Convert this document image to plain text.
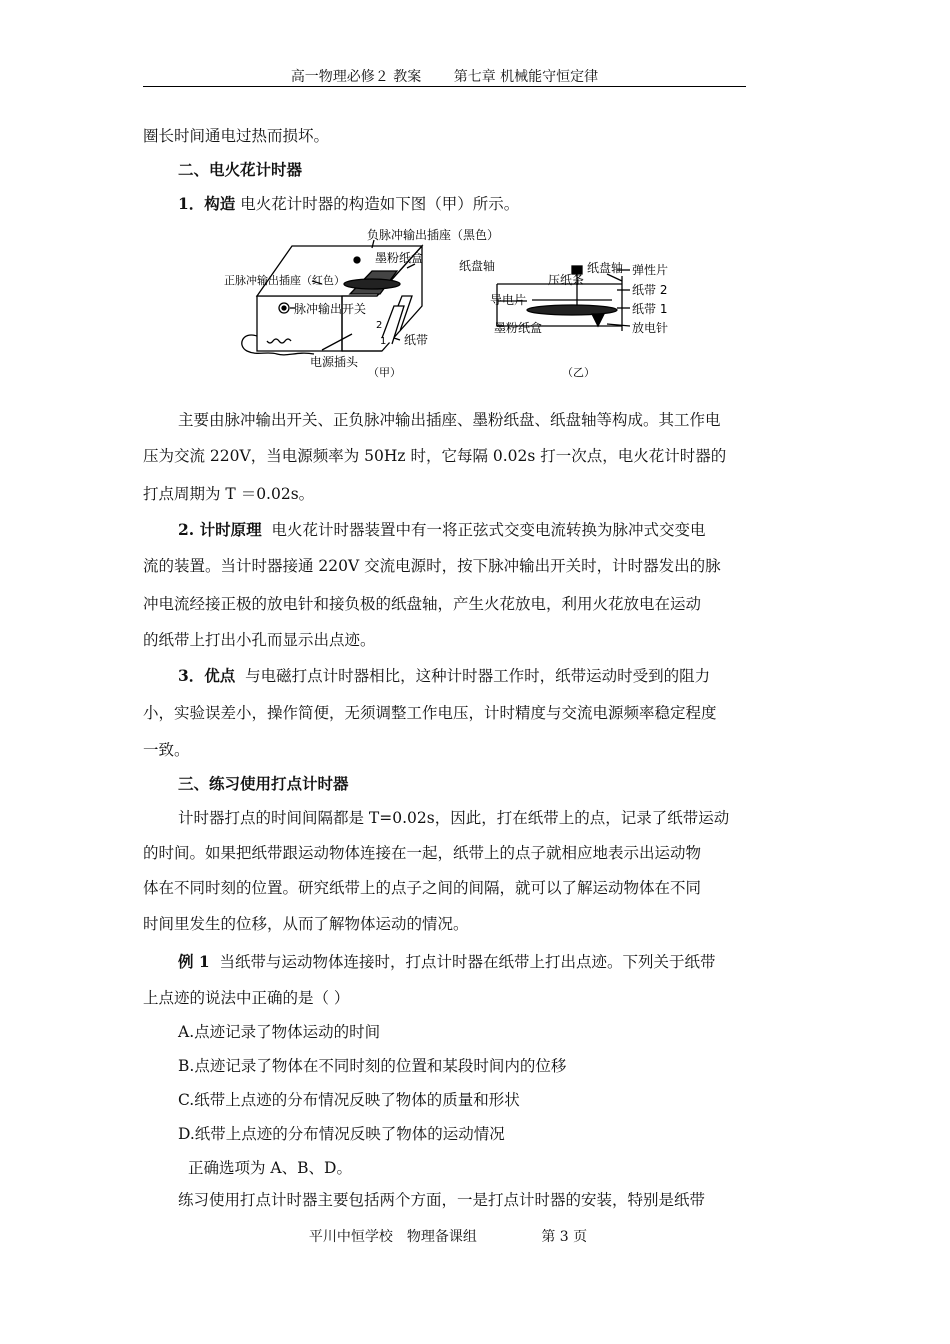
高一物理必修２ 教案 第七章 机械能守恒定律
圈长时间通电过热而损坏。
二、电火花计时器
1．构造 电火花计时器的构造如下图（甲）所示。
负脉冲输出插座（黑色）
墨粉纸盒
纸盘轴
正脉冲输出插座（红色）
脉冲输出开关
2
1 纸带
电源插头
（甲）
纸盘轴 弹性片
压纸条
纸带 2
导电片
纸带 1
墨粉纸盒	放电针
（乙）
主要由脉冲输出开关、正负脉冲输出插座、墨粉纸盘、纸盘轴等构成。其工作电
压为交流 220V，当电源频率为 50Hz 时，它每隔 0.02s 打一次点，电火花计时器的
打点周期为 T ＝0.02s。
2. 计时原理 电火花计时器装置中有一将正弦式交变电流转换为脉冲式交变电
流的装置。当计时器接通 220V 交流电源时，按下脉冲输出开关时，计时器发出的脉
冲电流经接正极的放电针和接负极的纸盘轴，产生火花放电，利用火花放电在运动
的纸带上打出小孔而显示出点迹。
3．优点 与电磁打点计时器相比，这种计时器工作时，纸带运动时受到的阻力
小，实验误差小，操作简便，无须调整工作电压，计时精度与交流电源频率稳定程度
一致。
三、练习使用打点计时器
计时器打点的时间间隔都是 T=0.02s，因此，打在纸带上的点，记录了纸带运动
的时间。如果把纸带跟运动物体连接在一起，纸带上的点子就相应地表示出运动物
体在不同时刻的位置。研究纸带上的点子之间的间隔，就可以了解运动物体在不同
时间里发生的位移，从而了解物体运动的情况。
例 1 当纸带与运动物体连接时，打点计时器在纸带上打出点迹。下列关于纸带
上点迹的说法中正确的是（ ）
A.点迹记录了物体运动的时间
B.点迹记录了物体在不同时刻的位置和某段时间内的位移
C.纸带上点迹的分布情况反映了物体的质量和形状
D.纸带上点迹的分布情况反映了物体的运动情况
正确选项为 A、B、D。
练习使用打点计时器主要包括两个方面，一是打点计时器的安装，特别是纸带
平川中恒学校　物理备课组	第 3 页
